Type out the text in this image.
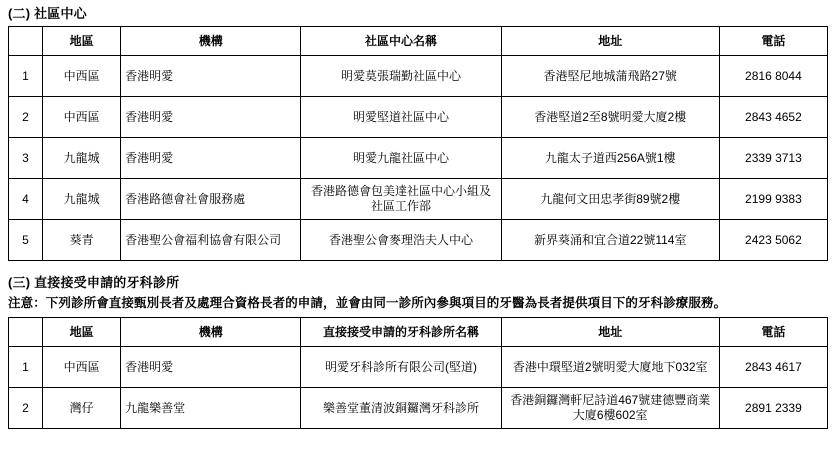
(二) 社區中心
	地區	機構	社區中心名稱	地址	電話
1	中西區	香港明愛	明愛莫張瑞勤社區中心	香港堅尼地城蒲飛路27號	2816 8044
2	中西區	香港明愛	明愛堅道社區中心	香港堅道2至8號明愛大廈2樓	2843 4652
3	九龍城	香港明愛	明愛九龍社區中心	九龍太子道西256A號1樓	2339 3713
4	九龍城	香港路德會社會服務處	香港路德會包美達社區中心小組及社區工作部	九龍何文田忠孝街89號2樓	2199 9383
5	葵青	香港聖公會福利協會有限公司	香港聖公會麥理浩夫人中心	新界葵涌和宜合道22號114室	2423 5062
(三) 直接接受申請的牙科診所
注意：下列診所會直接甄別長者及處理合資格長者的申請，並會由同一診所內參與項目的牙醫為長者提供項目下的牙科診療服務。
	地區	機構	直接接受申請的牙科診所名稱	地址	電話
1	中西區	香港明愛	明愛牙科診所有限公司(堅道)	香港中環堅道2號明愛大廈地下032室	2843 4617
2	灣仔	九龍樂善堂	樂善堂董清波銅鑼灣牙科診所	香港銅鑼灣軒尼詩道467號建德豐商業大廈6樓602室	2891 2339
